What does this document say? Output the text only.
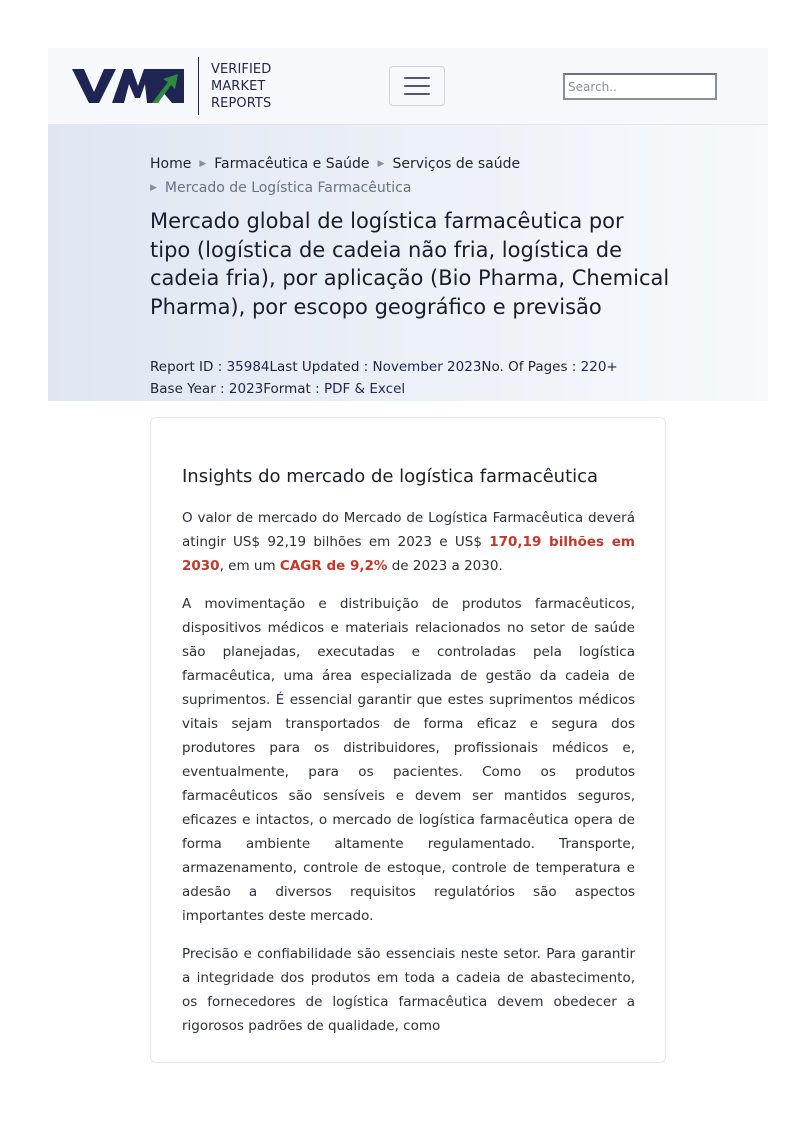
VERIFIED
MARKET
REPORTS
Search..
Home ▶ Farmacêutica e Saúde ▶ Serviços de saúde
▶ Mercado de Logística Farmacêutica
Mercado global de logística farmacêutica por tipo (logística de cadeia não fria, logística de cadeia fria), por aplicação (Bio Pharma, Chemical Pharma), por escopo geográfico e previsão
Report ID : 35984Last Updated : November 2023No. Of Pages : 220+
Base Year : 2023Format : PDF & Excel
Insights do mercado de logística farmacêutica

O valor de mercado do Mercado de Logística Farmacêutica deverá atingir US$ 92,19 bilhões em 2023 e US$ 170,19 bilhões em 2030, em um CAGR de 9,2% de 2023 a 2030.

A movimentação e distribuição de produtos farmacêuticos, dispositivos médicos e materiais relacionados no setor de saúde são planejadas, executadas e controladas pela logística farmacêutica, uma área especializada de gestão da cadeia de suprimentos. É essencial garantir que estes suprimentos médicos vitais sejam transportados de forma eficaz e segura dos produtores para os distribuidores, profissionais médicos e, eventualmente, para os pacientes. Como os produtos farmacêuticos são sensíveis e devem ser mantidos seguros, eficazes e intactos, o mercado de logística farmacêutica opera de forma ambiente altamente regulamentado. Transporte, armazenamento, controle de estoque, controle de temperatura e adesão a diversos requisitos regulatórios são aspectos importantes deste mercado.

Precisão e confiabilidade são essenciais neste setor. Para garantir a integridade dos produtos em toda a cadeia de abastecimento, os fornecedores de logística farmacêutica devem obedecer a rigorosos padrões de qualidade, como
